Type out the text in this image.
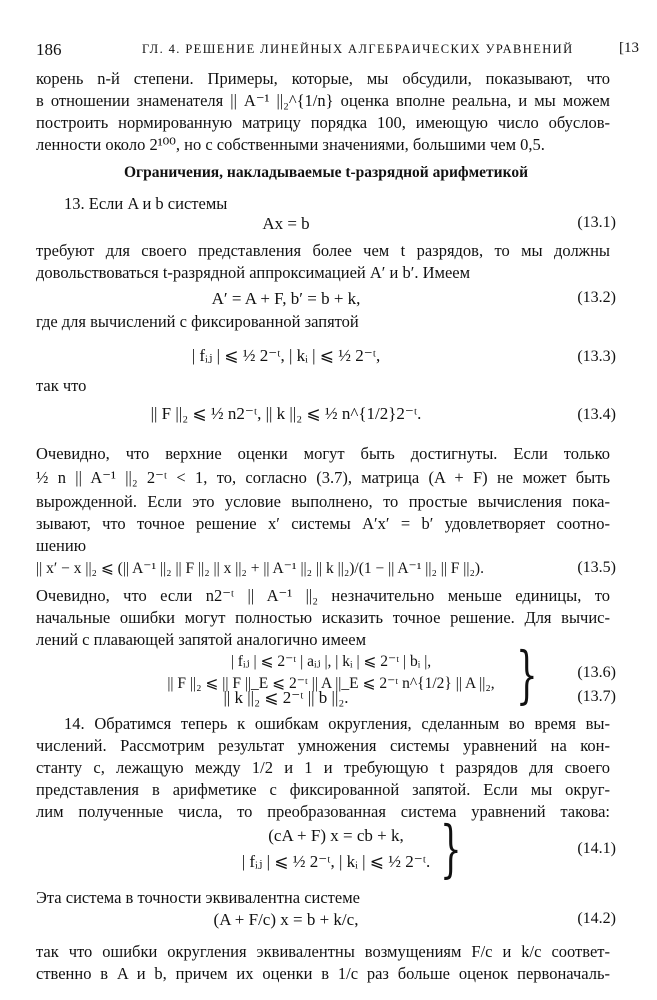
186	ГЛ. 4. РЕШЕНИЕ ЛИНЕЙНЫХ АЛГЕБРАИЧЕСКИХ УРАВНЕНИЙ	[13
корень n-й степени. Примеры, которые, мы обсудили, показывают, что
в отношении знаменателя || A⁻¹ ||₂^{1/n} оценка вполне реальна, и мы можем
построить нормированную матрицу порядка 100, имеющую число обуслов-
ленности около 2¹⁰⁰, но с собственными значениями, большими чем 0,5.
Ограничения, накладываемые t-разрядной арифметикой
13. Если A и b системы
Ax = b	(13.1)
требуют для своего представления более чем t разрядов, то мы должны
довольствоваться t-разрядной аппроксимацией A′ и b′. Имеем
A′ = A + F, b′ = b + k,	(13.2)
где для вычислений с фиксированной запятой
| fᵢⱼ | ⩽ ½ 2⁻ᵗ, | kᵢ | ⩽ ½ 2⁻ᵗ,	(13.3)
так что
|| F ||₂ ⩽ ½ n2⁻ᵗ, || k ||₂ ⩽ ½ n^{1/2}2⁻ᵗ.	(13.4)
Очевидно, что верхние оценки могут быть достигнуты. Если только
½ n || A⁻¹ ||₂ 2⁻ᵗ < 1, то, согласно (3.7), матрица (A + F) не может быть
вырожденной. Если это условие выполнено, то простые вычисления пока-
зывают, что точное решение x′ системы A′x′ = b′ удовлетворяет соотно-
шению
|| x′ − x ||₂ ⩽ (|| A⁻¹ ||₂ || F ||₂ || x ||₂ + || A⁻¹ ||₂ || k ||₂)/(1 − || A⁻¹ ||₂ || F ||₂).	(13.5)
Очевидно, что если n2⁻ᵗ || A⁻¹ ||₂ незначительно меньше единицы, то
начальные ошибки могут полностью исказить точное решение. Для вычис-
лений с плавающей запятой аналогично имеем
| fᵢⱼ | ⩽ 2⁻ᵗ | aᵢⱼ |, | kᵢ | ⩽ 2⁻ᵗ | bᵢ |,
|| F ||₂ ⩽ || F ||_E ⩽ 2⁻ᵗ || A ||_E ⩽ 2⁻ᵗ n^{1/2} || A ||₂, } (13.6)
|| k ||₂ ⩽ 2⁻ᵗ || b ||₂.	(13.7)
14. Обратимся теперь к ошибкам округления, сделанным во время вы-
числений. Рассмотрим результат умножения системы уравнений на кон-
станту c, лежащую между 1/2 и 1 и требующую t разрядов для своего
представления в арифметике с фиксированной запятой. Если мы округ-
лим полученные числа, то преобразованная система уравнений такова:
(cA + F) x = cb + k,
| fᵢⱼ | ⩽ ½ 2⁻ᵗ, | kᵢ | ⩽ ½ 2⁻ᵗ. }	(14.1)
Эта система в точности эквивалентна системе
(A + F/c) x = b + k/c,	(14.2)
так что ошибки округления эквивалентны возмущениям F/c и k/c соответ-
ственно в A и b, причем их оценки в 1/c раз больше оценок первоначаль-
